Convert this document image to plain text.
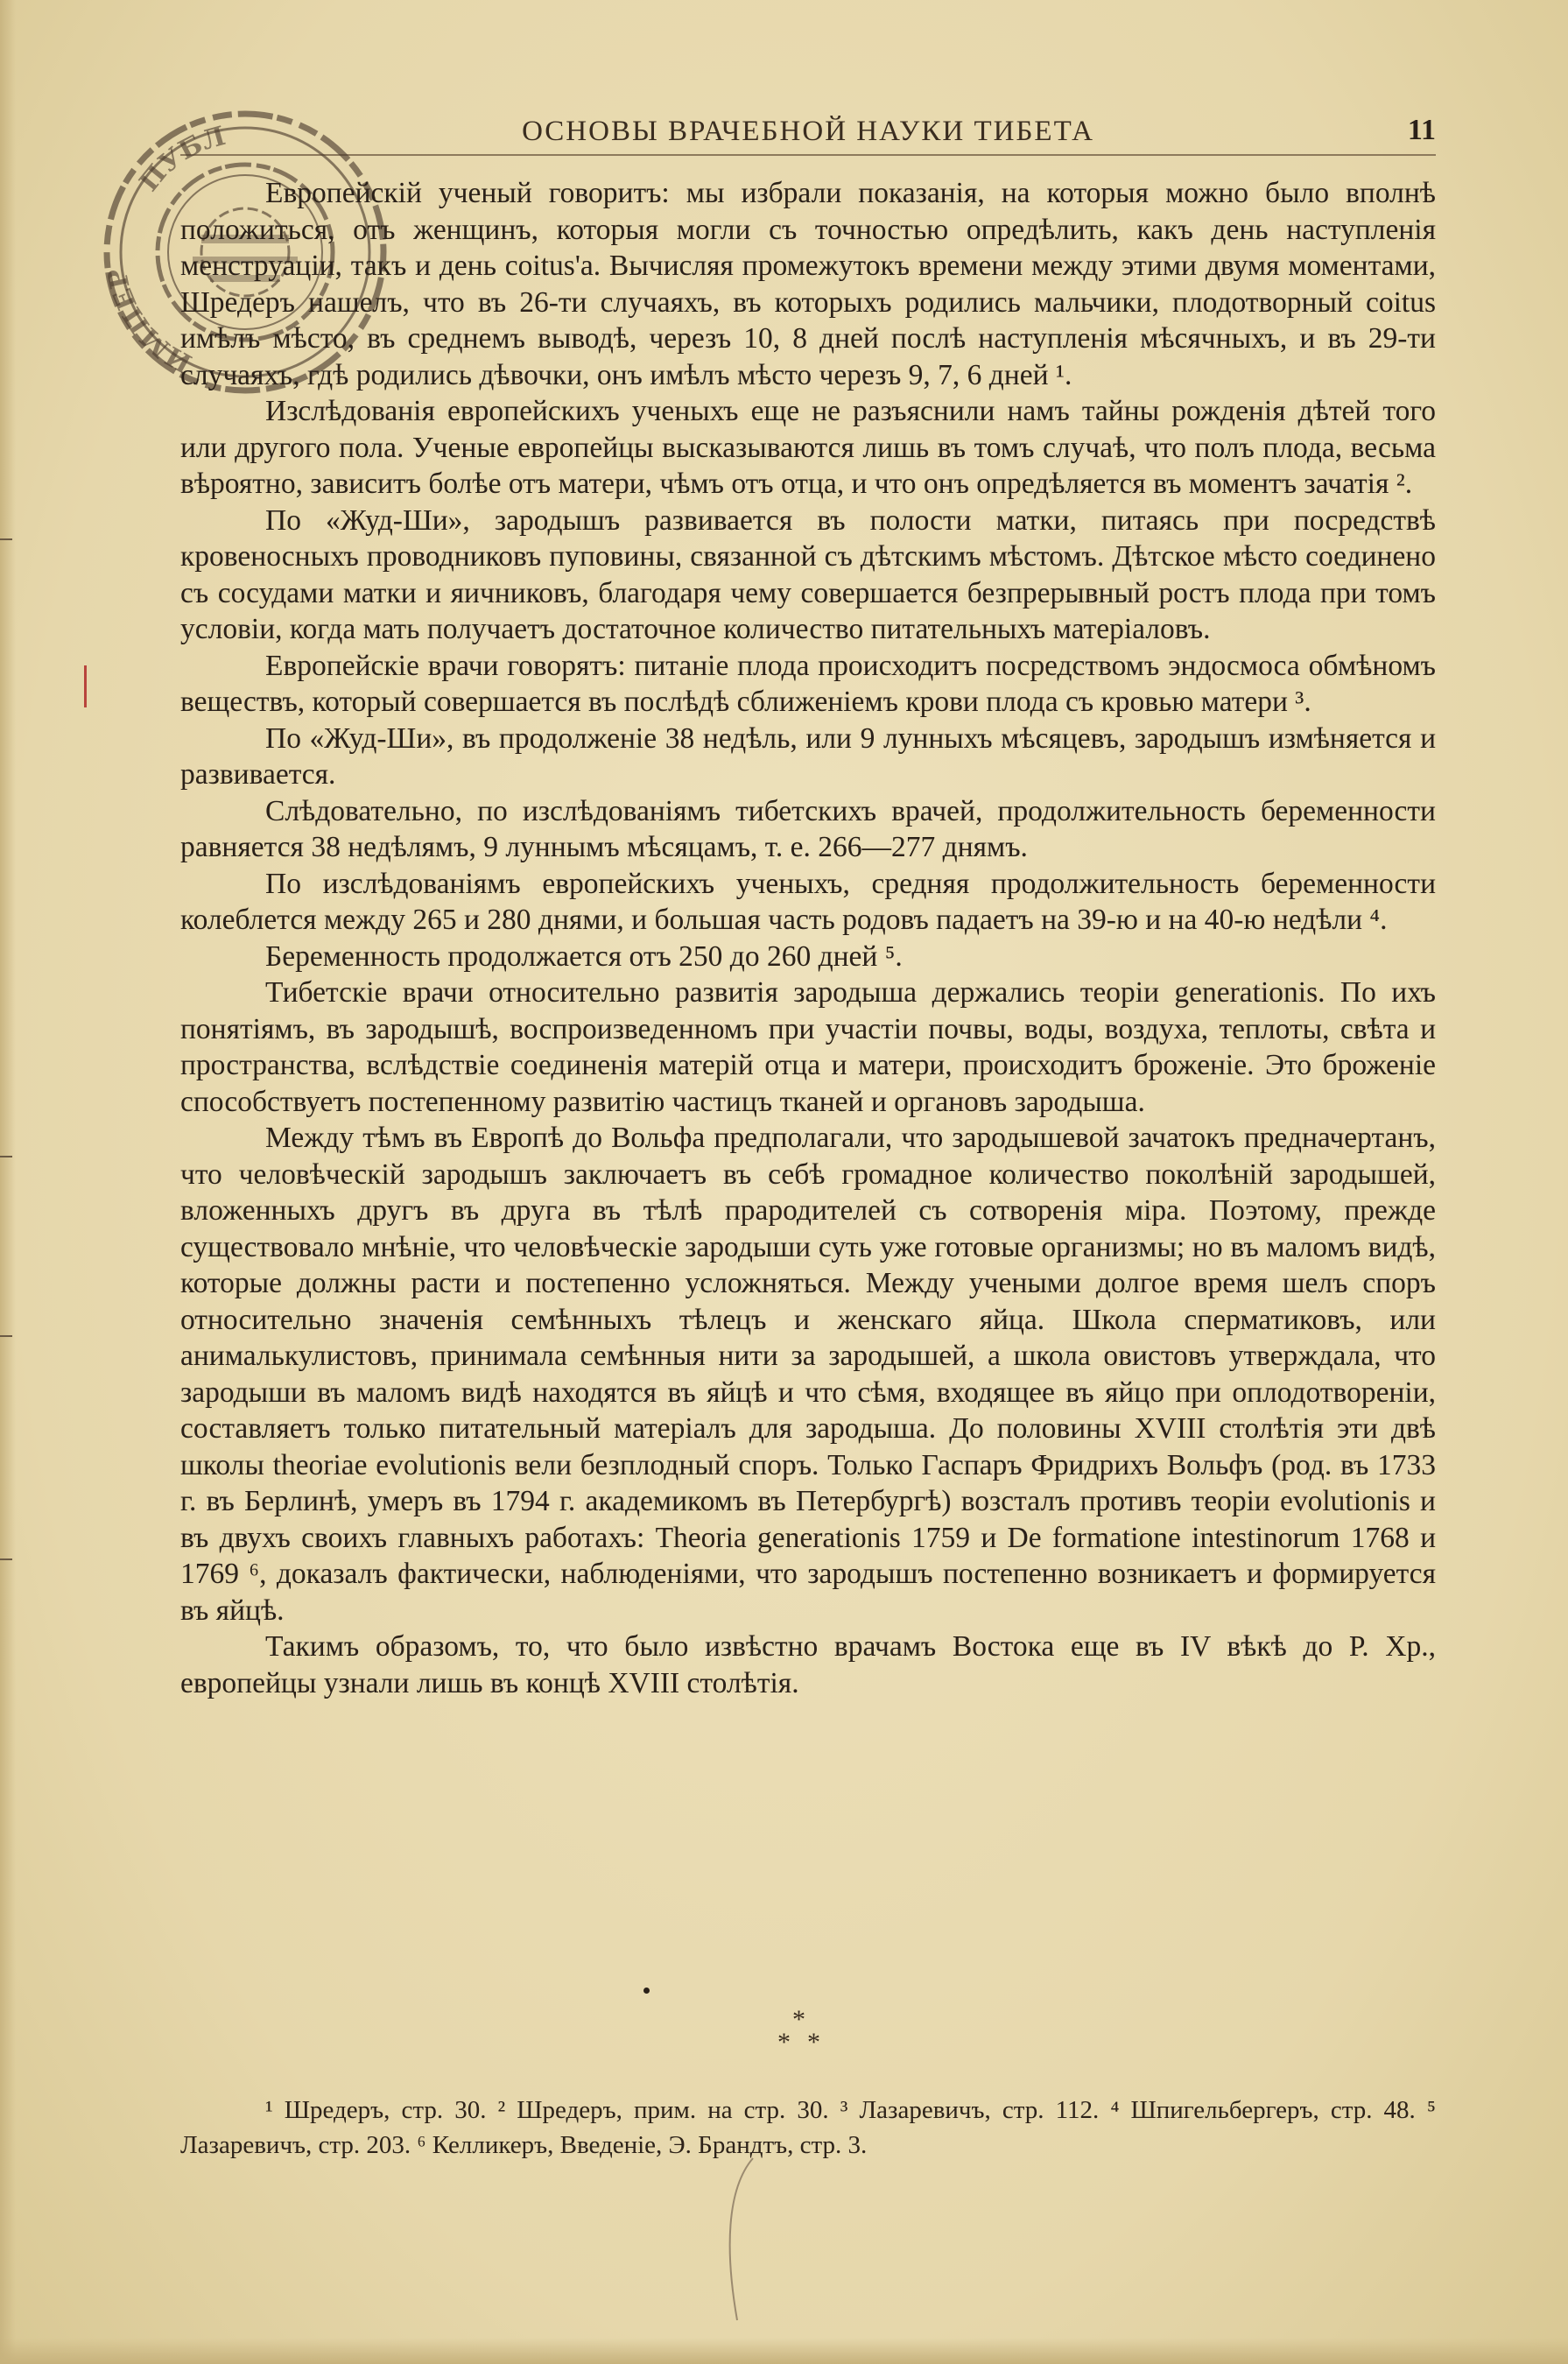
ОСНОВЫ ВРАЧЕБНОЙ НАУКИ ТИБЕТА	11
ПУБЛ
ИМПЕР

Европейскій ученый говоритъ: мы избрали показанія, на которыя можно было вполнѣ положиться, отъ женщинъ, которыя могли съ точностью опредѣлить, какъ день наступленія менструаціи, такъ и день coitus'a. Вычисляя промежутокъ времени между этими двумя моментами, Шредеръ нашелъ, что въ 26-ти случаяхъ, въ которыхъ родились мальчики, плодотворный coitus имѣлъ мѣсто, въ среднемъ выводѣ, черезъ 10, 8 дней послѣ наступленія мѣсячныхъ, и въ 29-ти случаяхъ, гдѣ родились дѣвочки, онъ имѣлъ мѣсто черезъ 9, 7, 6 дней ¹.

Изслѣдованія европейскихъ ученыхъ еще не разъяснили намъ тайны рожденія дѣтей того или другого пола. Ученые европейцы высказываются лишь въ томъ случаѣ, что полъ плода, весьма вѣроятно, зависитъ болѣе отъ матери, чѣмъ отъ отца, и что онъ опредѣляется въ моментъ зачатія ².

По «Жуд-Ши», зародышъ развивается въ полости матки, питаясь при посредствѣ кровеносныхъ проводниковъ пуповины, связанной съ дѣтскимъ мѣстомъ. Дѣтское мѣсто соединено съ сосудами матки и яичниковъ, благодаря чему совершается безпрерывный ростъ плода при томъ условіи, когда мать получаетъ достаточное количество питательныхъ матеріаловъ.

Европейскіе врачи говорятъ: питаніе плода происходитъ посредствомъ эндосмоса обмѣномъ веществъ, который совершается въ послѣдѣ сближеніемъ крови плода съ кровью матери ³.

По «Жуд-Ши», въ продолженіе 38 недѣль, или 9 лунныхъ мѣсяцевъ, зародышъ измѣняется и развивается.

Слѣдовательно, по изслѣдованіямъ тибетскихъ врачей, продолжительность беременности равняется 38 недѣлямъ, 9 луннымъ мѣсяцамъ, т. е. 266—277 днямъ.

По изслѣдованіямъ европейскихъ ученыхъ, средняя продолжительность беременности колеблется между 265 и 280 днями, и большая часть родовъ падаетъ на 39-ю и на 40-ю недѣли ⁴.

Беременность продолжается отъ 250 до 260 дней ⁵.

Тибетскіе врачи относительно развитія зародыша держались теоріи generationis. По ихъ понятіямъ, въ зародышѣ, воспроизведенномъ при участіи почвы, воды, воздуха, теплоты, свѣта и пространства, вслѣдствіе соединенія матерій отца и матери, происходитъ броженіе. Это броженіе способствуетъ постепенному развитію частицъ тканей и органовъ зародыша.

Между тѣмъ въ Европѣ до Вольфа предполагали, что зародышевой зачатокъ предначертанъ, что человѣческій зародышъ заключаетъ въ себѣ громадное количество поколѣній зародышей, вложенныхъ другъ въ друга въ тѣлѣ прародителей съ сотворенія міра. Поэтому, прежде существовало мнѣніе, что человѣческіе зародыши суть уже готовые организмы; но въ маломъ видѣ, которые должны расти и постепенно усложняться. Между учеными долгое время шелъ споръ относительно значенія семѣнныхъ тѣлецъ и женскаго яйца. Школа сперматиковъ, или анималькулистовъ, принимала семѣнныя нити за зародышей, а школа овистовъ утверждала, что зародыши въ маломъ видѣ находятся въ яйцѣ и что сѣмя, входящее въ яйцо при оплодотвореніи, составляетъ только питательный матеріалъ для зародыша. До половины XVIII столѣтія эти двѣ школы theoriae evolutionis вели безплодный споръ. Только Гаспаръ Фридрихъ Вольфъ (род. въ 1733 г. въ Берлинѣ, умеръ въ 1794 г. академикомъ въ Петербургѣ) возсталъ противъ теоріи evolutionis и въ двухъ своихъ главныхъ работахъ: Theoria generationis 1759 и De formatione intestinorum 1768 и 1769 ⁶, доказалъ фактически, наблюденіями, что зародышъ постепенно возникаетъ и формируется въ яйцѣ.

Такимъ образомъ, то, что было извѣстно врачамъ Востока еще въ IV вѣкѣ до Р. Хр., европейцы узнали лишь въ концѣ XVIII столѣтія.

*
* *

¹ Шредеръ, стр. 30. ² Шредеръ, прим. на стр. 30. ³ Лазаревичъ, стр. 112. ⁴ Шпигельбергеръ, стр. 48. ⁵ Лазаревичъ, стр. 203. ⁶ Келликеръ, Введеніе, Э. Брандтъ, стр. 3.
